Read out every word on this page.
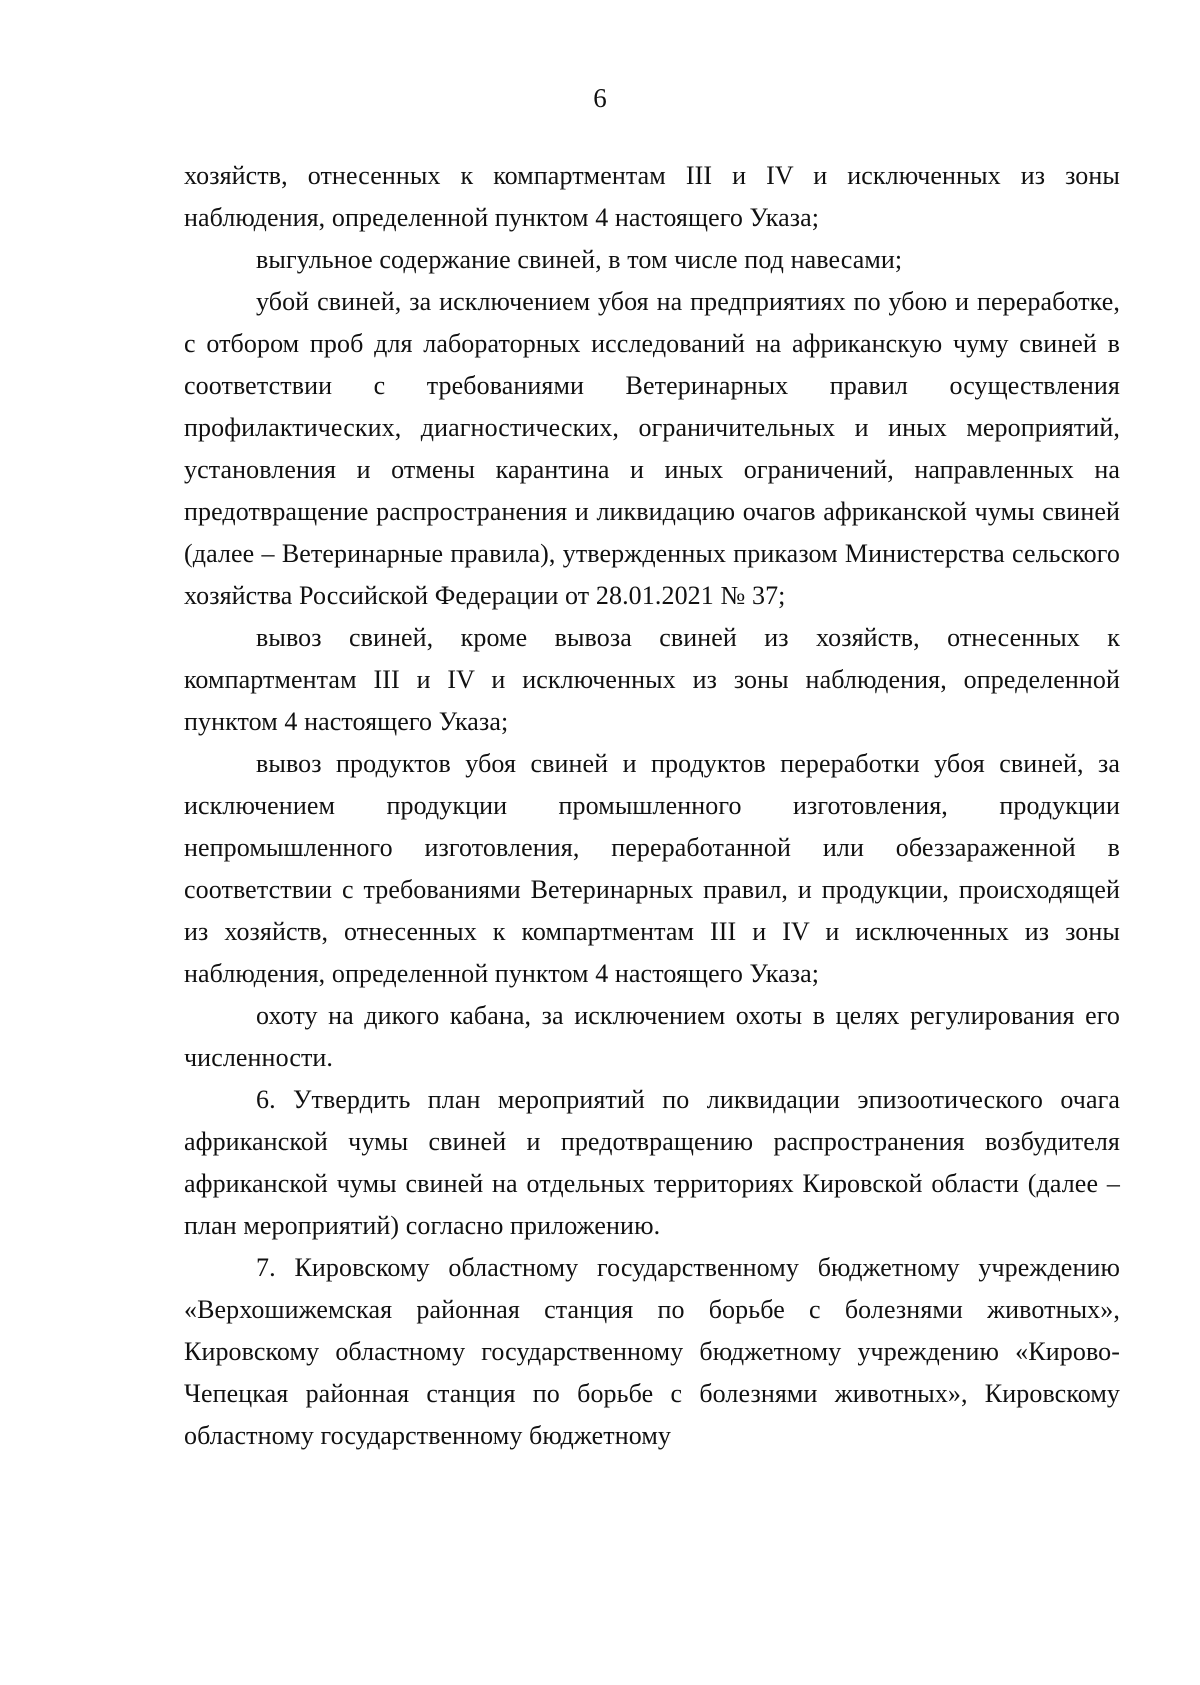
6

хозяйств, отнесенных к компартментам III и IV и исключенных из зоны наблюдения, определенной пунктом 4 настоящего Указа;

выгульное содержание свиней, в том числе под навесами;

убой свиней, за исключением убоя на предприятиях по убою и переработке, с отбором проб для лабораторных исследований на африканскую чуму свиней в соответствии с требованиями Ветеринарных правил осуществления профилактических, диагностических, ограничительных и иных мероприятий, установления и отмены карантина и иных ограничений, направленных на предотвращение распространения и ликвидацию очагов африканской чумы свиней (далее – Ветеринарные правила), утвержденных приказом Министерства сельского хозяйства Российской Федерации от 28.01.2021 № 37;

вывоз свиней, кроме вывоза свиней из хозяйств, отнесенных к компартментам III и IV и исключенных из зоны наблюдения, определенной пунктом 4 настоящего Указа;

вывоз продуктов убоя свиней и продуктов переработки убоя свиней, за исключением продукции промышленного изготовления, продукции непромышленного изготовления, переработанной или обеззараженной в соответствии с требованиями Ветеринарных правил, и продукции, происходящей из хозяйств, отнесенных к компартментам III и IV и исключенных из зоны наблюдения, определенной пунктом 4 настоящего Указа;

охоту на дикого кабана, за исключением охоты в целях регулирования его численности.

6. Утвердить план мероприятий по ликвидации эпизоотического очага африканской чумы свиней и предотвращению распространения возбудителя африканской чумы свиней на отдельных территориях Кировской области (далее – план мероприятий) согласно приложению.

7. Кировскому областному государственному бюджетному учреждению «Верхошижемская районная станция по борьбе с болезнями животных», Кировскому областному государственному бюджетному учреждению «Кирово-Чепецкая районная станция по борьбе с болезнями животных», Кировскому областному государственному бюджетному
